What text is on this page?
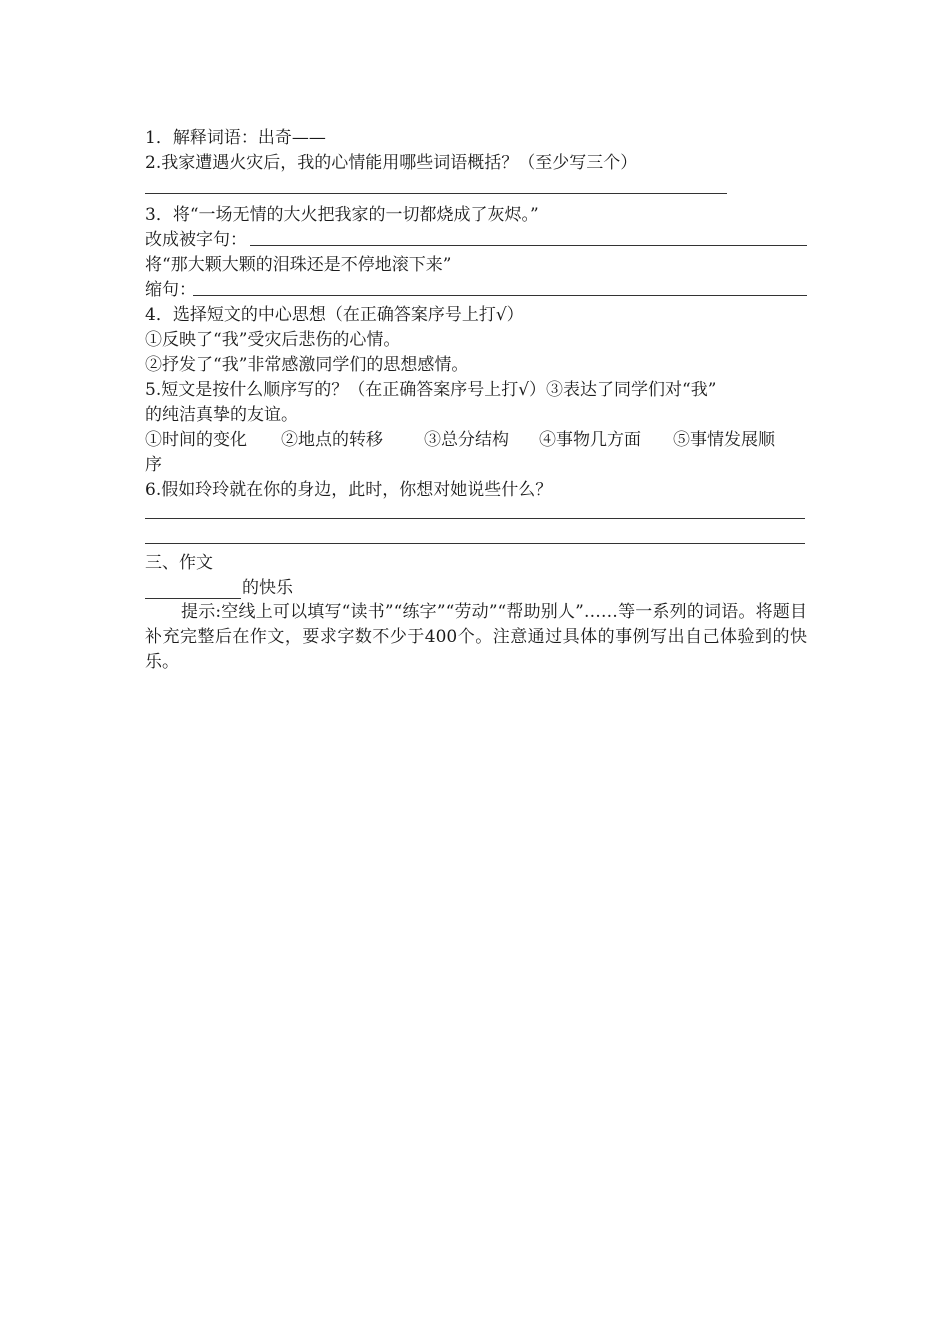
1．解释词语：出奇——
2.我家遭遇火灾后，我的心情能用哪些词语概括？（至少写三个）
3．将“一场无情的大火把我家的一切都烧成了灰烬。”
改成被字句：
将“那大颗大颗的泪珠还是不停地滚下来”
缩句：
4．选择短文的中心思想（在正确答案序号上打√）
①反映了“我”受灾后悲伤的心情。
②抒发了“我”非常感激同学们的思想感情。
5.短文是按什么顺序写的？（在正确答案序号上打√）③表达了同学们对“我”
的纯洁真挚的友谊。
①时间的变化 ②地点的转移 ③总分结构 ④事物几方面 ⑤事情发展顺
序
6.假如玲玲就在你的身边，此时，你想对她说些什么？
三、作文
的快乐
提示:空线上可以填写“读书”“练字”“劳动”“帮助别人”……等一系列的词语。将题目补充完整后在作文，要求字数不少于400个。注意通过具体的事例写出自己体验到的快乐。
